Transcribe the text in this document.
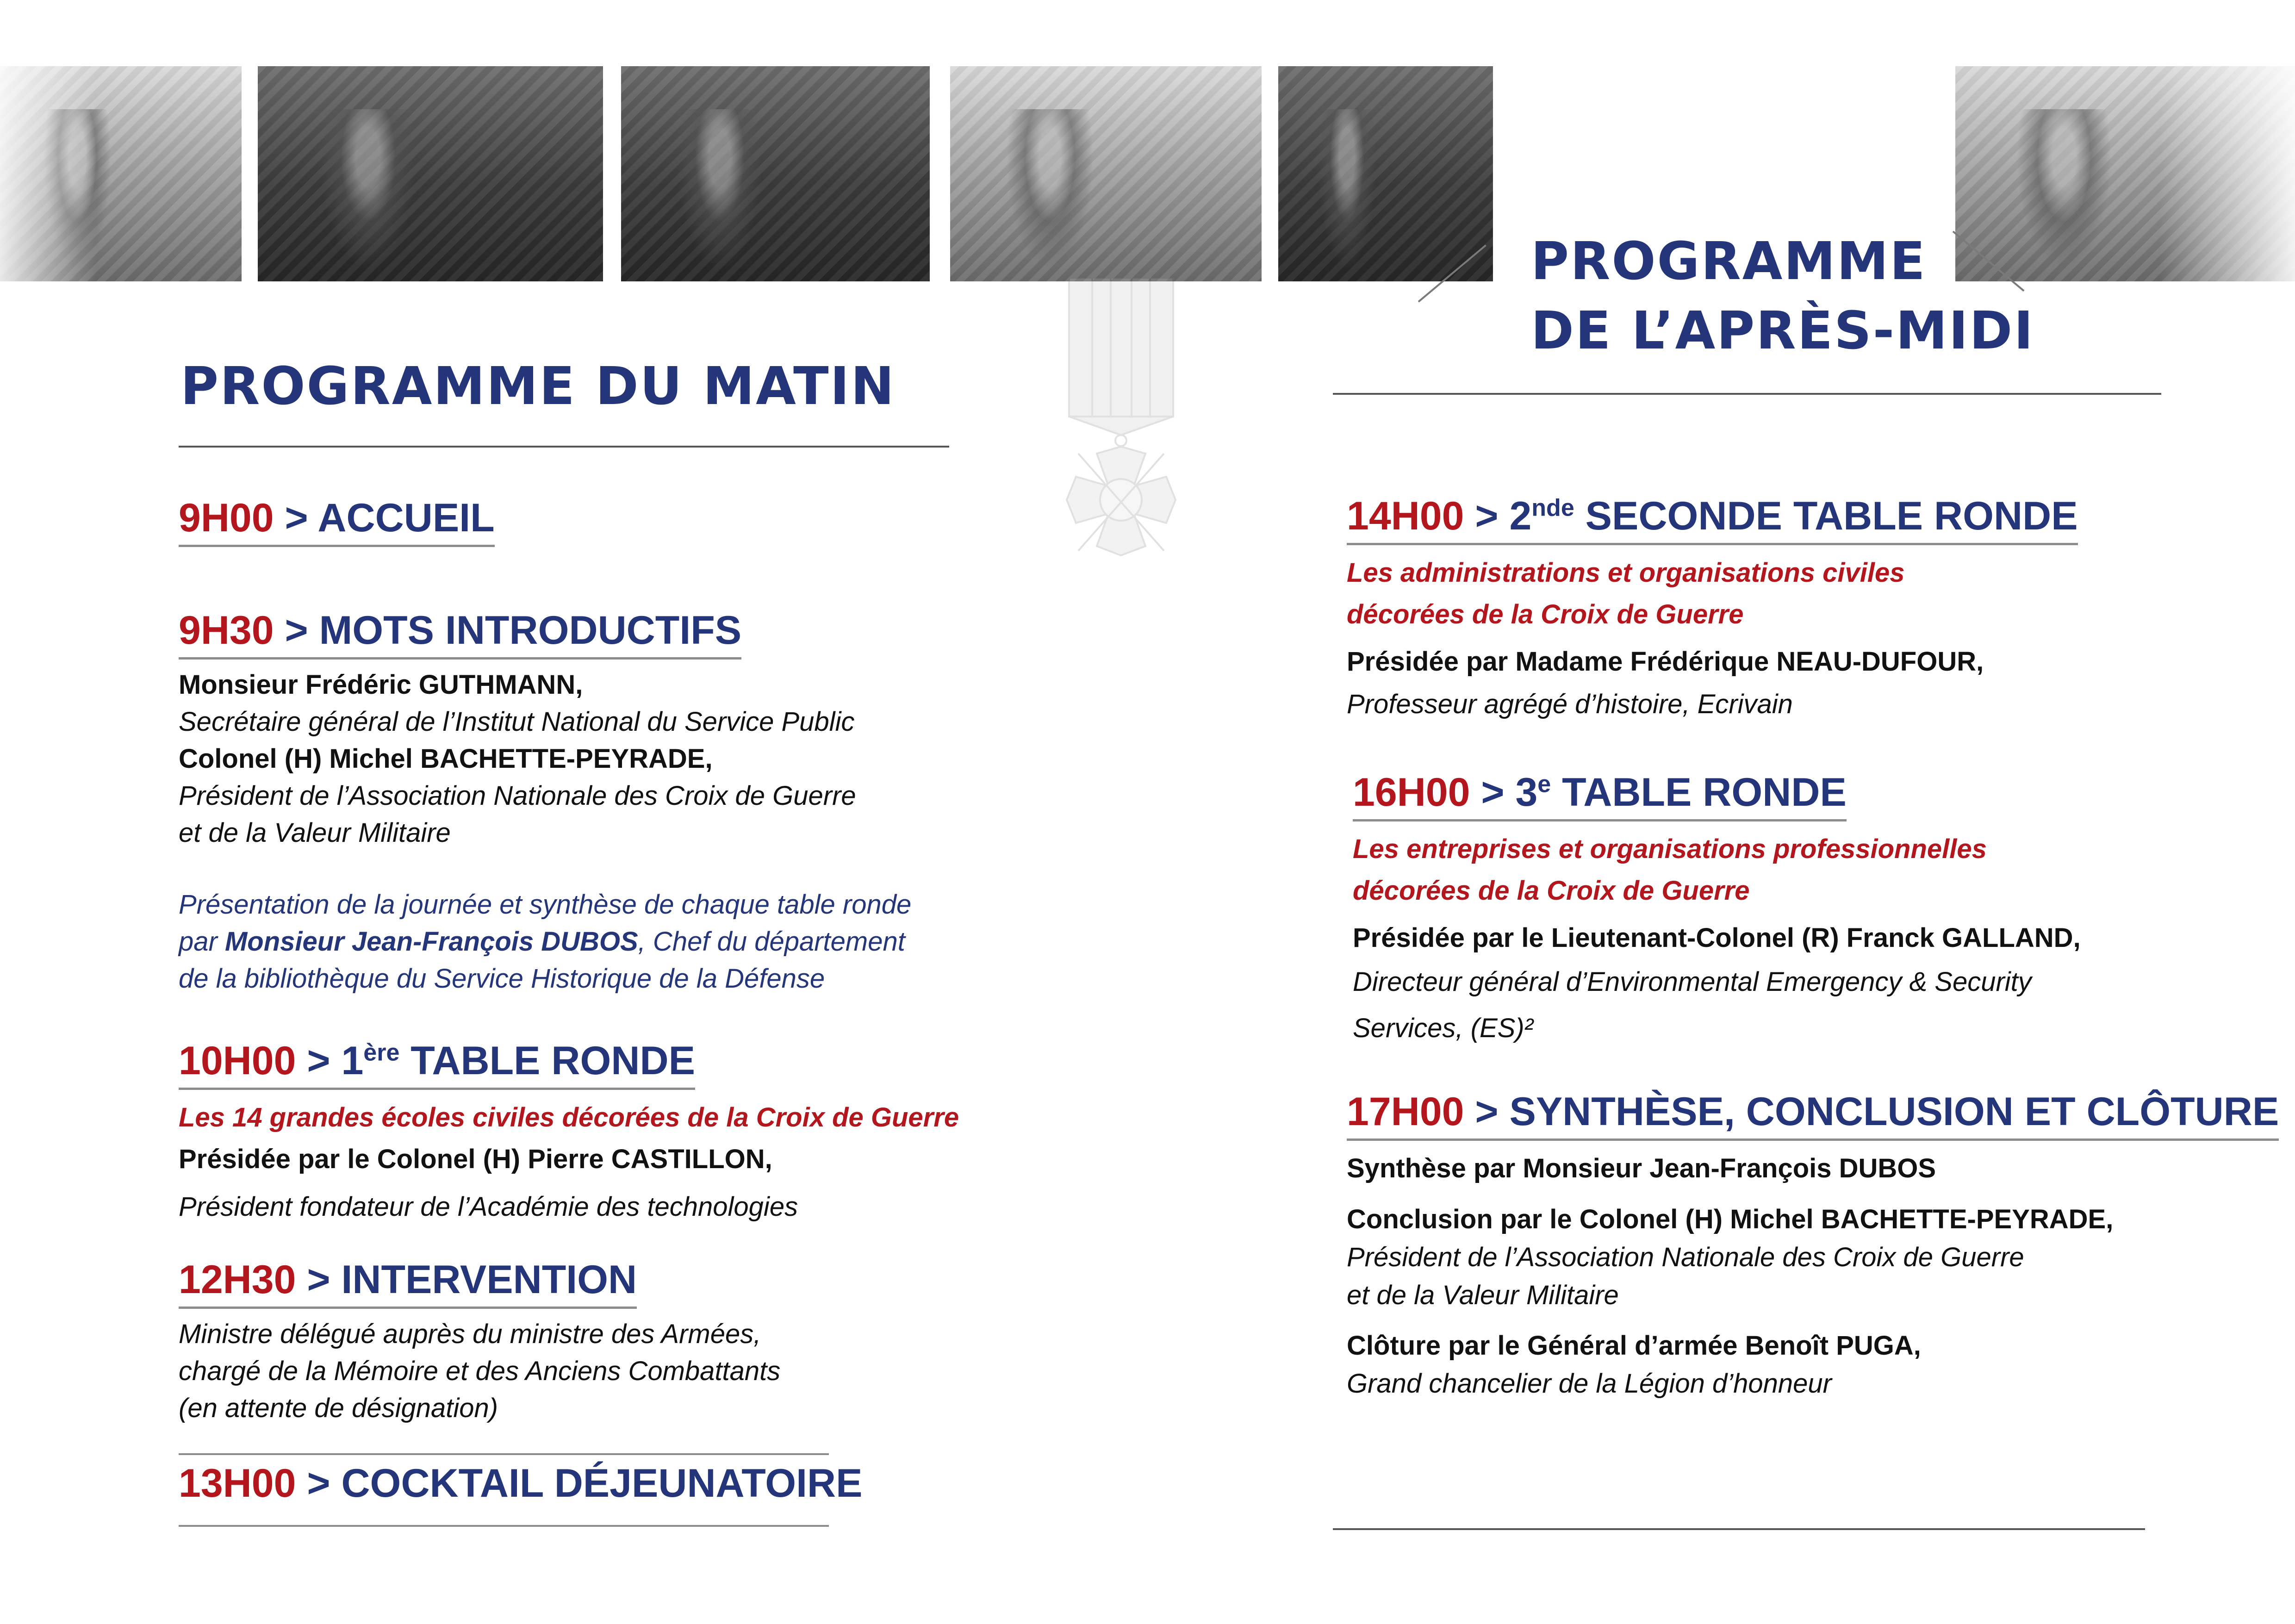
PROGRAMME DU MATIN
9H00 > ACCUEIL
9H30 > MOTS INTRODUCTIFS

Monsieur Frédéric GUTHMANN,

Secrétaire général de l’Institut National du Service Public

Colonel (H) Michel BACHETTE-PEYRADE,

Président de l’Association Nationale des Croix de Guerre

et de la Valeur Militaire

Présentation de la journée et synthèse de chaque table ronde

par Monsieur Jean-François DUBOS, Chef du département

de la bibliothèque du Service Historique de la Défense

10H00 > 1ère TABLE RONDE

Les 14 grandes écoles civiles décorées de la Croix de Guerre

Présidée par le Colonel (H) Pierre CASTILLON,

Président fondateur de l’Académie des technologies

12H30 > INTERVENTION

Ministre délégué auprès du ministre des Armées,

chargé de la Mémoire et des Anciens Combattants

(en attente de désignation)

13H00 > COCKTAIL DÉJEUNATOIRE
PROGRAMME
DE L’APRÈS-MIDI
14H00 > 2nde SECONDE TABLE RONDE

Les administrations et organisations civiles

décorées de la Croix de Guerre

Présidée par Madame Frédérique NEAU-DUFOUR,

Professeur agrégé d’histoire, Ecrivain

$16H00 > 3^e$ TABLE RONDE

Les entreprises et organisations professionnelles

décorées de la Croix de Guerre

Présidée par le Lieutenant-Colonel (R) Franck GALLAND,

Directeur général d’Environmental Emergency & Security

Services, (ES)²

17H00 > SYNTHÈSE, CONCLUSION ET CLÔTURE

Synthèse par Monsieur Jean-François DUBOS

Conclusion par le Colonel (H) Michel BACHETTE-PEYRADE,

Président de l’Association Nationale des Croix de Guerre

et de la Valeur Militaire

Clôture par le Général d’armée Benoît PUGA,

Grand chancelier de la Légion d’honneur
